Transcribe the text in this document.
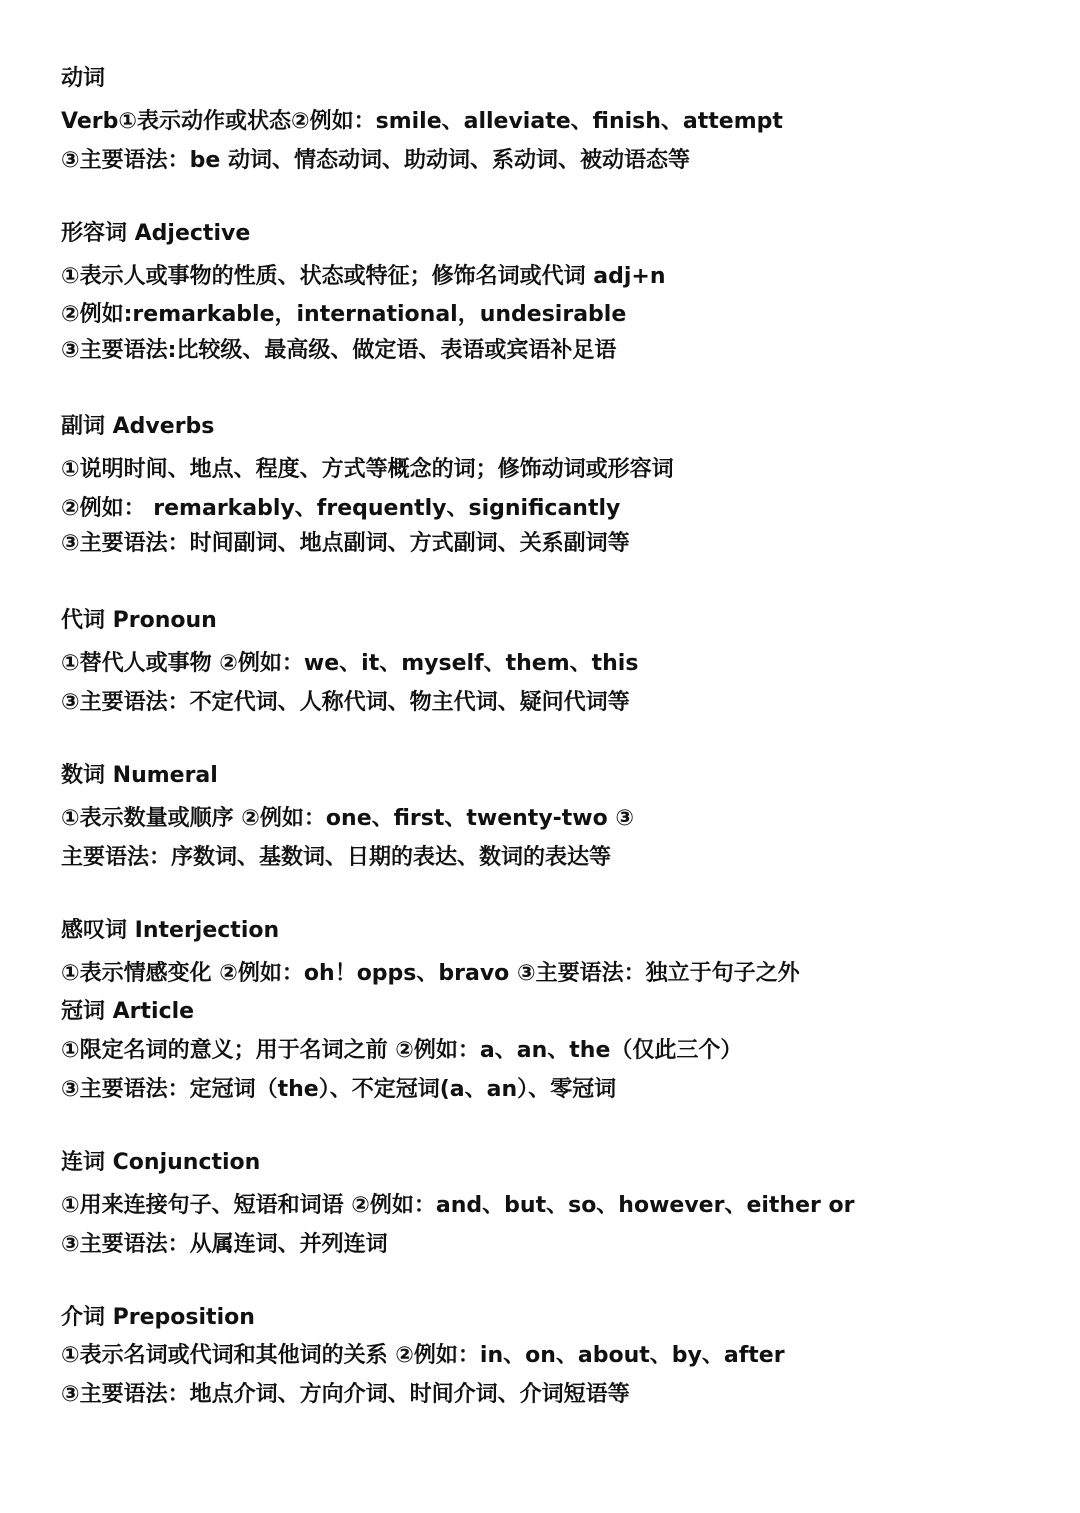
动词
Verb①表示动作或状态②例如：smile、alleviate、finish、attempt
③主要语法：be 动词、情态动词、助动词、系动词、被动语态等
形容词 Adjective
①表示人或事物的性质、状态或特征；修饰名词或代词 adj+n
②例如:remarkable，international，undesirable
③主要语法:比较级、最高级、做定语、表语或宾语补足语
副词 Adverbs
①说明时间、地点、程度、方式等概念的词；修饰动词或形容词
②例如： remarkably、frequently、significantly
③主要语法：时间副词、地点副词、方式副词、关系副词等
代词 Pronoun
①替代人或事物 ②例如：we、it、myself、them、this
③主要语法：不定代词、人称代词、物主代词、疑问代词等
数词 Numeral
①表示数量或顺序 ②例如：one、first、twenty-two ③
主要语法：序数词、基数词、日期的表达、数词的表达等
感叹词 Interjection
①表示情感变化 ②例如：oh！opps、bravo ③主要语法：独立于句子之外
冠词 Article
①限定名词的意义；用于名词之前 ②例如：a、an、the（仅此三个）
③主要语法：定冠词（the）、不定冠词(a、an）、零冠词
连词 Conjunction
①用来连接句子、短语和词语 ②例如：and、but、so、however、either or
③主要语法：从属连词、并列连词
介词 Preposition
①表示名词或代词和其他词的关系 ②例如：in、on、about、by、after
③主要语法：地点介词、方向介词、时间介词、介词短语等
